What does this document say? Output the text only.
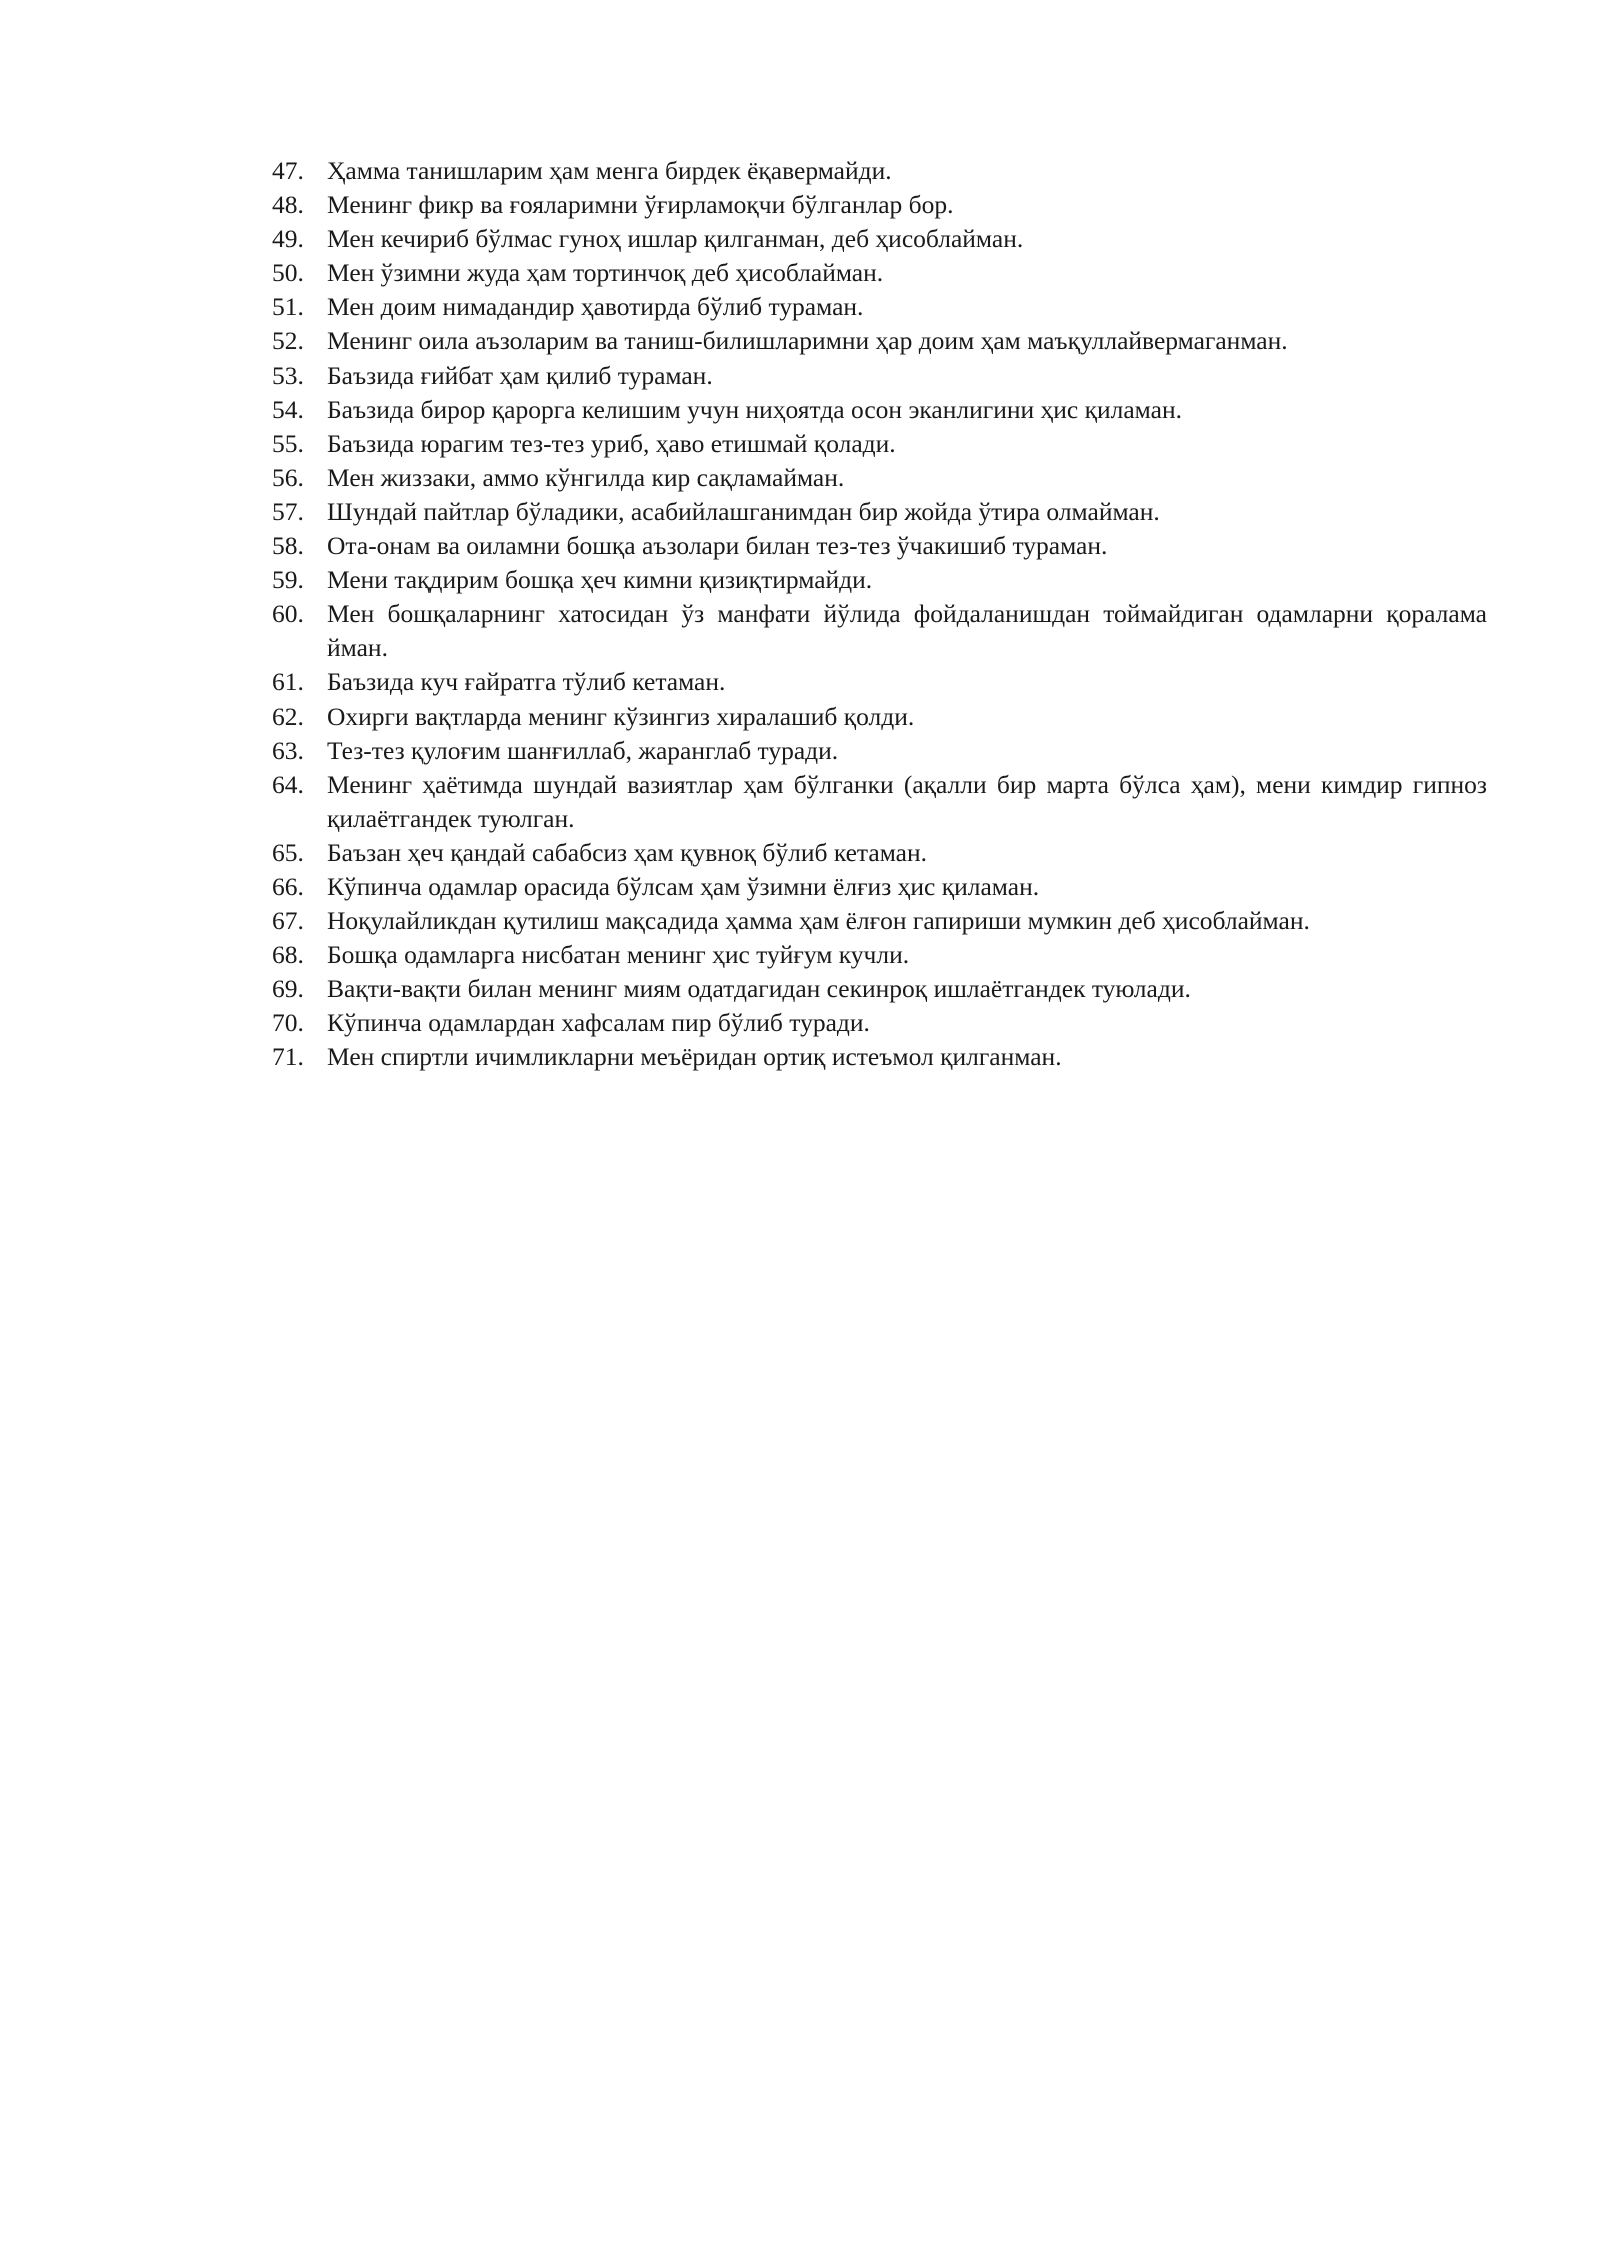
47. Ҳамма танишларим ҳам менга бирдек ёқавермайди.
48. Менинг фикр ва ғояларимни ўғирламоқчи бўлганлар бор.
49. Мен кечириб бўлмас гуноҳ ишлар қилганман, деб ҳисоблайман.
50. Мен ўзимни жуда ҳам тортинчоқ деб ҳисоблайман.
51. Мен доим нимадандир ҳавотирда бўлиб тураман.
52. Менинг оила аъзоларим ва таниш-билишларимни ҳар доим ҳам маъқуллайвермаганман.
53. Баъзида ғийбат ҳам қилиб тураман.
54. Баъзида бирор қарорга келишим учун ниҳоятда осон эканлигини ҳис қиламан.
55. Баъзида юрагим тез-тез уриб, ҳаво етишмай қолади.
56. Мен жиззаки, аммо кўнгилда кир сақламайман.
57. Шундай пайтлар бўладики, асабийлашганимдан бир жойда ўтира олмайман.
58. Ота-онам ва оиламни бошқа аъзолари билан тез-тез ўчакишиб тураман.
59. Мени тақдирим бошқа ҳеч кимни қизиқтирмайди.
60. Мен бошқаларнинг хатосидан ўз манфати йўлида фойдаланишдан тоймайдиган одамларни қоралама йман.
61. Баъзида куч ғайратга тўлиб кетаман.
62. Охирги вақтларда менинг кўзингиз хиралашиб қолди.
63. Тез-тез қулоғим шанғиллаб, жаранглаб туради.
64. Менинг ҳаётимда шундай вазиятлар ҳам бўлганки (ақалли бир марта бўлса ҳам), мени кимдир гипноз қилаётгандек туюлган.
65. Баъзан ҳеч қандай сабабсиз ҳам қувноқ бўлиб кетаман.
66. Кўпинча одамлар орасида бўлсам ҳам ўзимни ёлғиз ҳис қиламан.
67. Ноқулайликдан қутилиш мақсадида ҳамма ҳам ёлғон гапириши мумкин деб ҳисоблайман.
68. Бошқа одамларга нисбатан менинг ҳис туйғум кучли.
69. Вақти-вақти билан менинг миям одатдагидан секинроқ ишлаётгандек туюлади.
70. Кўпинча одамлардан хафсалам пир бўлиб туради.
71. Мен спиртли ичимликларни меъёридан ортиқ истеъмол қилганман.
